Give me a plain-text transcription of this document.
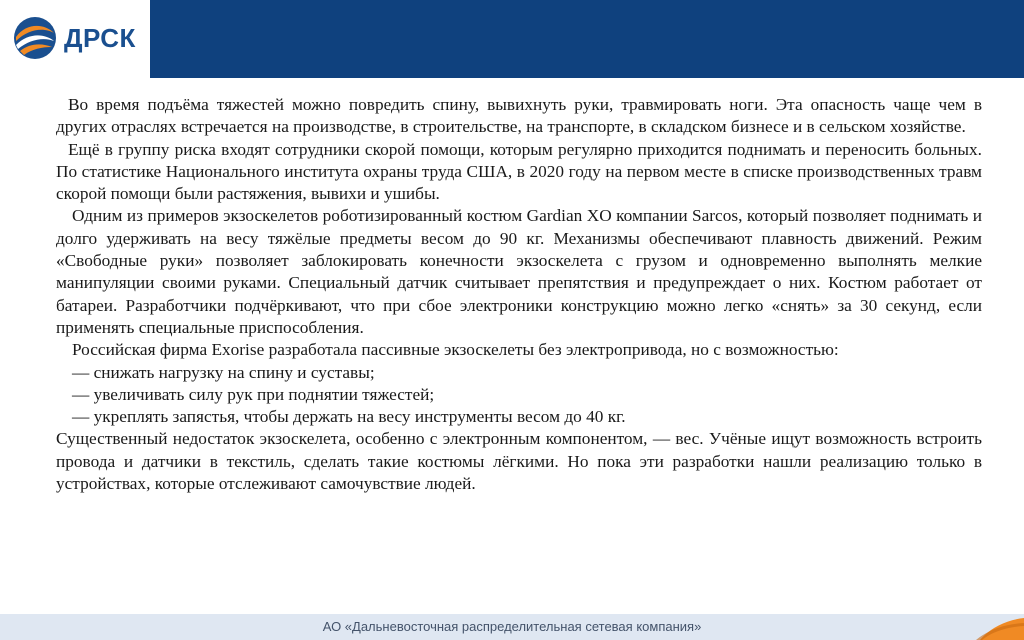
ДРСК

Во время подъёма тяжестей можно повредить спину, вывихнуть руки, травмировать ноги. Эта опасность чаще чем в других отраслях встречается на производстве, в строительстве, на транспорте, в складском бизнесе и в сельском хозяйстве.

Ещё в группу риска входят сотрудники скорой помощи, которым регулярно приходится поднимать и переносить больных. По статистике Национального института охраны труда США, в 2020 году на первом месте в списке производственных травм скорой помощи были растяжения, вывихи и ушибы.

Одним из примеров экзоскелетов роботизированный костюм Gardian XO компании Sarcos, который позволяет поднимать и долго удерживать на весу тяжёлые предметы весом до 90 кг. Механизмы обеспечивают плавность движений. Режим «Свободные руки» позволяет заблокировать конечности экзоскелета с грузом и одновременно выполнять мелкие манипуляции своими руками. Специальный датчик считывает препятствия и предупреждает о них. Костюм работает от батареи. Разработчики подчёркивают, что при сбое электроники конструкцию можно легко «снять» за 30 секунд, если применять специальные приспособления.

Российская фирма Exorise разработала пассивные экзоскелеты без электропривода, но с возможностью:

— снижать нагрузку на спину и суставы;

— увеличивать силу рук при поднятии тяжестей;

— укреплять запястья, чтобы держать на весу инструменты весом до 40 кг.

Существенный недостаток экзоскелета, особенно с электронным компонентом, — вес. Учёные ищут возможность встроить провода и датчики в текстиль, сделать такие костюмы лёгкими. Но пока эти разработки нашли реализацию только в устройствах, которые отслеживают самочувствие людей.

АО «Дальневосточная распределительная сетевая компания»
